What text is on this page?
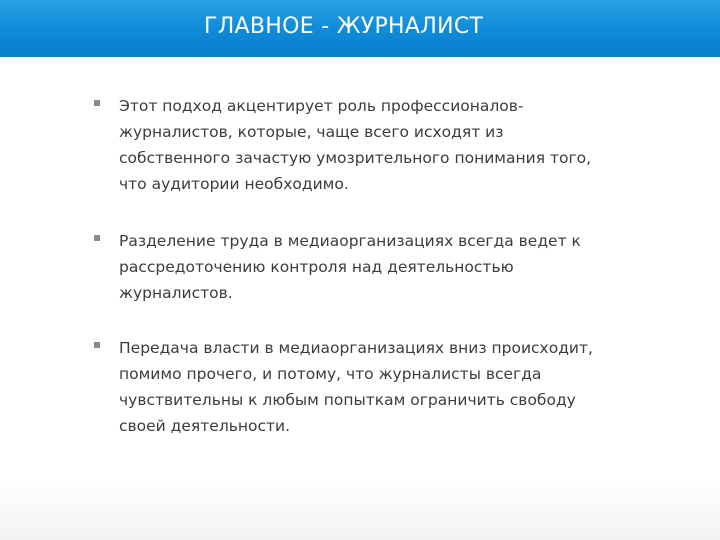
ГЛАВНОЕ - ЖУРНАЛИСТ
Этот подход акцентирует роль профессионалов-
журналистов, которые, чаще всего исходят из
собственного зачастую умозрительного понимания того,
что аудитории необходимо.
Разделение труда в медиаорганизациях всегда ведет к
рассредоточению контроля над деятельностью
журналистов.
Передача власти в медиаорганизациях вниз происходит,
помимо прочего, и потому, что журналисты всегда
чувствительны к любым попыткам ограничить свободу
своей деятельности.
